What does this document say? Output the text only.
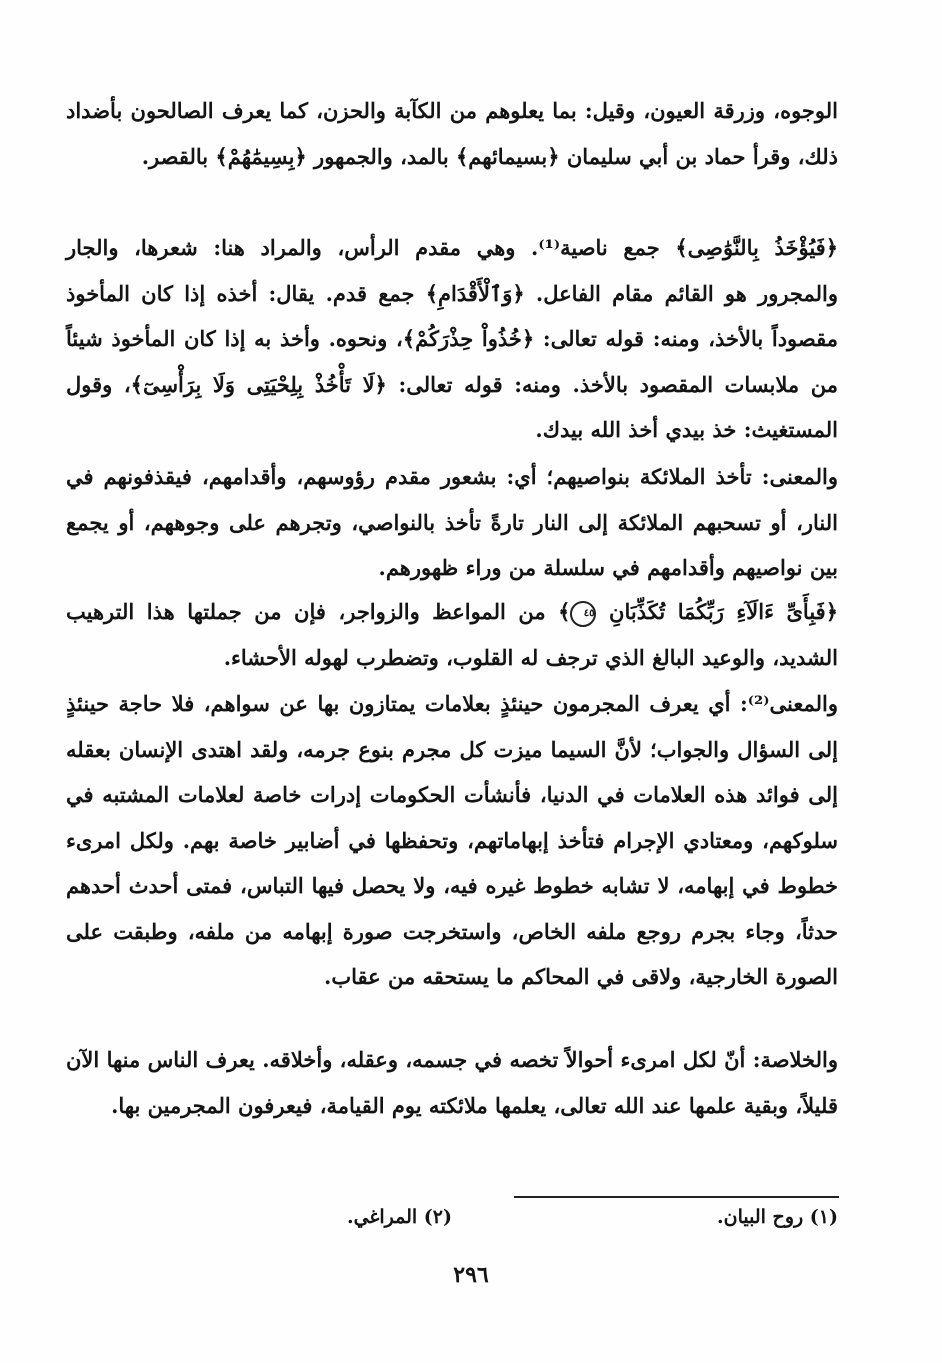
الوجوه، وزرقة العيون، وقيل: بما يعلوهم من الكآبة والحزن، كما يعرف الصالحون بأضداد ذلك، وقرأ حماد بن أبي سليمان ﴿بسيمائهم﴾ بالمد، والجمهور ﴿بِسِيمَٰهُمْ﴾ بالقصر.

﴿فَيُؤْخَذُ بِالنَّوَٰصِى﴾ جمع ناصية⁽¹⁾. وهي مقدم الرأس، والمراد هنا: شعرها، والجار والمجرور هو القائم مقام الفاعل. ﴿وَٱلْأَقْدَامِ﴾ جمع قدم. يقال: أخذه إذا كان المأخوذ مقصوداً بالأخذ، ومنه: قوله تعالى: ﴿خُذُواْ حِذْرَكُمْ﴾، ونحوه. وأخذ به إذا كان المأخوذ شيئاً من ملابسات المقصود بالأخذ. ومنه: قوله تعالى: ﴿لَا تَأْخُذْ بِلِحْيَتِى وَلَا بِرَأْسِىٓ﴾، وقول المستغيث: خذ بيدي أخذ الله بيدك.

والمعنى: تأخذ الملائكة بنواصيهم؛ أي: بشعور مقدم رؤوسهم، وأقدامهم، فيقذفونهم في النار، أو تسحبهم الملائكة إلى النار تارةً تأخذ بالنواصي، وتجرهم على وجوههم، أو يجمع بين نواصيهم وأقدامهم في سلسلة من وراء ظهورهم.

﴿فَبِأَىِّ ءَالَآءِ رَبِّكُمَا تُكَذِّبَانِ ٤٥﴾ من المواعظ والزواجر، فإن من جملتها هذا الترهيب الشديد، والوعيد البالغ الذي ترجف له القلوب، وتضطرب لهوله الأحشاء.

والمعنى⁽²⁾: أي يعرف المجرمون حينئذٍ بعلامات يمتازون بها عن سواهم، فلا حاجة حينئذٍ إلى السؤال والجواب؛ لأنَّ السيما ميزت كل مجرم بنوع جرمه، ولقد اهتدى الإنسان بعقله إلى فوائد هذه العلامات في الدنيا، فأنشأت الحكومات إدرات خاصة لعلامات المشتبه في سلوكهم، ومعتادي الإجرام فتأخذ إبهاماتهم، وتحفظها في أضابير خاصة بهم. ولكل امرىء خطوط في إبهامه، لا تشابه خطوط غيره فيه، ولا يحصل فيها التباس، فمتى أحدث أحدهم حدثاً، وجاء بجرم روجع ملفه الخاص، واستخرجت صورة إبهامه من ملفه، وطبقت على الصورة الخارجية، ولاقى في المحاكم ما يستحقه من عقاب.

والخلاصة: أنّ لكل امرىء أحوالاً تخصه في جسمه، وعقله، وأخلاقه. يعرف الناس منها الآن قليلاً، وبقية علمها عند الله تعالى، يعلمها ملائكته يوم القيامة، فيعرفون المجرمين بها.

(١) روح البيان.
(٢) المراغي.
٢٩٦
